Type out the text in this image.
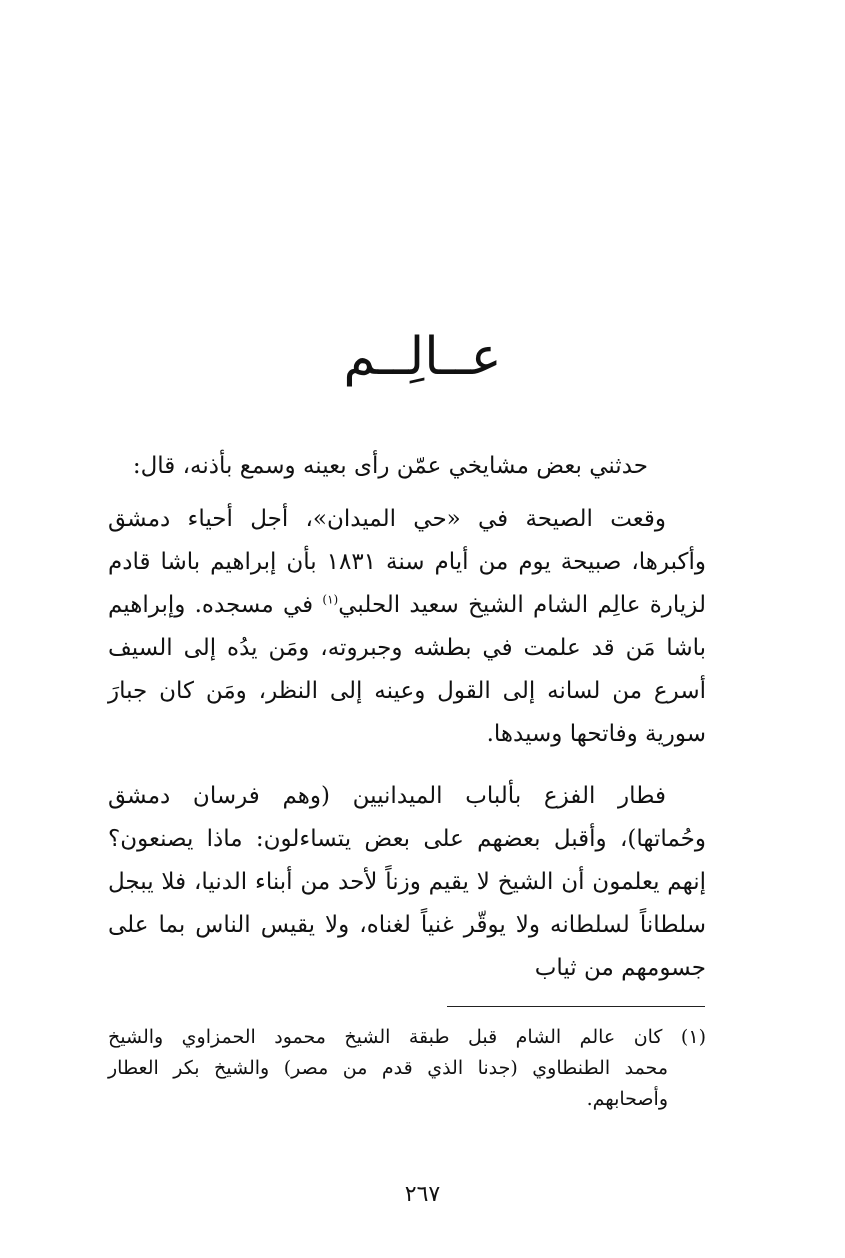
عــالِــم

حدثني بعض مشايخي عمّن رأى بعينه وسمع بأذنه، قال:

وقعت الصيحة في «حي الميدان»، أجل أحياء دمشق وأكبرها، صبيحة يوم من أيام سنة ١٨٣١ بأن إبراهيم باشا قادم لزيارة عالِم الشام الشيخ سعيد الحلبي$^{(١)}$ في مسجده. وإبراهيم باشا مَن قد علمت في بطشه وجبروته، ومَن يدُه إلى السيف أسرع من لسانه إلى القول وعينه إلى النظر، ومَن كان جبارَ سورية وفاتحها وسيدها.

فطار الفزع بألباب الميدانيين (وهم فرسان دمشق وحُماتها)، وأقبل بعضهم على بعض يتساءلون: ماذا يصنعون؟ إنهم يعلمون أن الشيخ لا يقيم وزناً لأحد من أبناء الدنيا، فلا يبجل سلطاناً لسلطانه ولا يوقّر غنياً لغناه، ولا يقيس الناس بما على جسومهم من ثياب

(١) كان عالم الشام قبل طبقة الشيخ محمود الحمزاوي والشيخ
محمد الطنطاوي (جدنا الذي قدم من مصر) والشيخ بكر العطار
وأصحابهم.
٢٦٧
